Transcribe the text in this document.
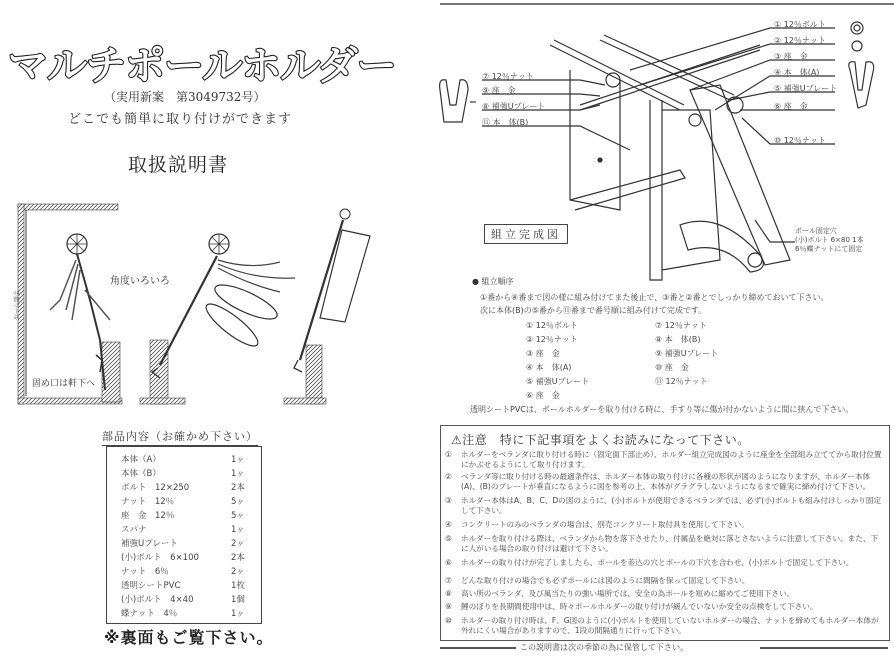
マルチポールホルダー
（実用新案　第3049732号）
どこでも簡単に取り付けができます
取扱説明書
手摺り〜ル
角度いろいろ
固め口は軒下へ
部品内容（お確かめ下さい）
本体（A）	1ヶ
本体（B）	1ヶ
ボルト　12×250	2本
ナット　12％	5ヶ
座　金　12％	5ヶ
スパナ	1ヶ
補強Uプレート	2ヶ
(小)ボルト　6×100	2本
ナット　6％	2ヶ
透明シートPVC	1枚
(小)ボルト　4×40	1個
蝶ナット　4％	1ヶ
※裏面もご覧下さい。
⑦ 12％ナット
⑨ 座　金
⑧ 補強Uプレート
⑪ 本　体(B)
① 12％ボルト
② 12％ナット
③ 座　金
④ 本　体(A)
⑤ 補強Uプレート
⑥ 座　金
⑩ 12％ナット
組立完成図	ポール固定穴
(小)ボルト 6×80 1本
6％蝶ナットにて固定
● 組立順序
①番から④番まで図の様に組み付けてまた後止で、③番と②番とでしっかり締めておいて下さい。
次に本体(B)の⑤番から⑪番まで番号順に組み付けて完成です。
① 12％ボルト
② 12％ナット
③ 座　金
④ 本　体(A)
⑤ 補強Uプレート
⑥ 座　金
⑦ 12％ナット
⑧ 本　体(B)
⑨ 補強Uプレート
⑩ 座　金
⑪ 12％ナット
透明シートPVCは、ポールホルダーを取り付ける時に、手すり等に傷が付かないように間に挟んで下さい。
⚠注意　特に下記事項をよくお読みになって下さい。
①	ホルダーをベランダに取り付ける時に（固定面下部止め）、ホルダー組立完成図のように座金を全部組み立ててから取付位置にかぶせるようにして取り付けます。
②	ベランダ等に取り付ける時の最適条件は、ホルダー本体の取り付けに各種の形状が図のようになりますが、ホルダー本体(A)、(B)のプレートが垂直になるように図を参考の上、本体がグラグラしないようになるまで確実に締め付けて下さい。
③	ホルダー本体はA、B、C、Dの図のように、(小)ボルトが使用できるベランダでは、必ず(小)ボルトも組み付けしっかり固定して下さい。
④	コンクリートのみのベランダの場合は、別売コンクリート取付具を使用して下さい。
⑤	ホルダーを取り付ける際は、ベランダから物を落下させたり、付属品を絶対に落とさないように注意して下さい。また、下に人がいる場合の取り付けは避けて下さい。
⑥	ホルダーの取り付けが完了しましたら、ポールを差込の穴とポールの下穴を合わせ、(小)ボルトで固定して下さい。
⑦	どんな取り付けの場合でも必ずポールには図のように間隔を保って固定して下さい。
⑧	高い所のベランダ、及び風当たりの強い場所では、安全の為ポールを短めに縮めてご使用下さい。
⑨	鯉のぼりを長期間使用中は、時々ポールホルダーの取り付けが緩んでいないか安全の点検をして下さい。
⑩	ホルダーの取り付け時は、F、G図のように(小)ボルトを使用していないホルダーの場合、ナットを締めてもホルダー本体が外れにくい場合がありますので、1段の間隔通りに行って下さい。
この説明書は次の季節の為に保管して下さい。
